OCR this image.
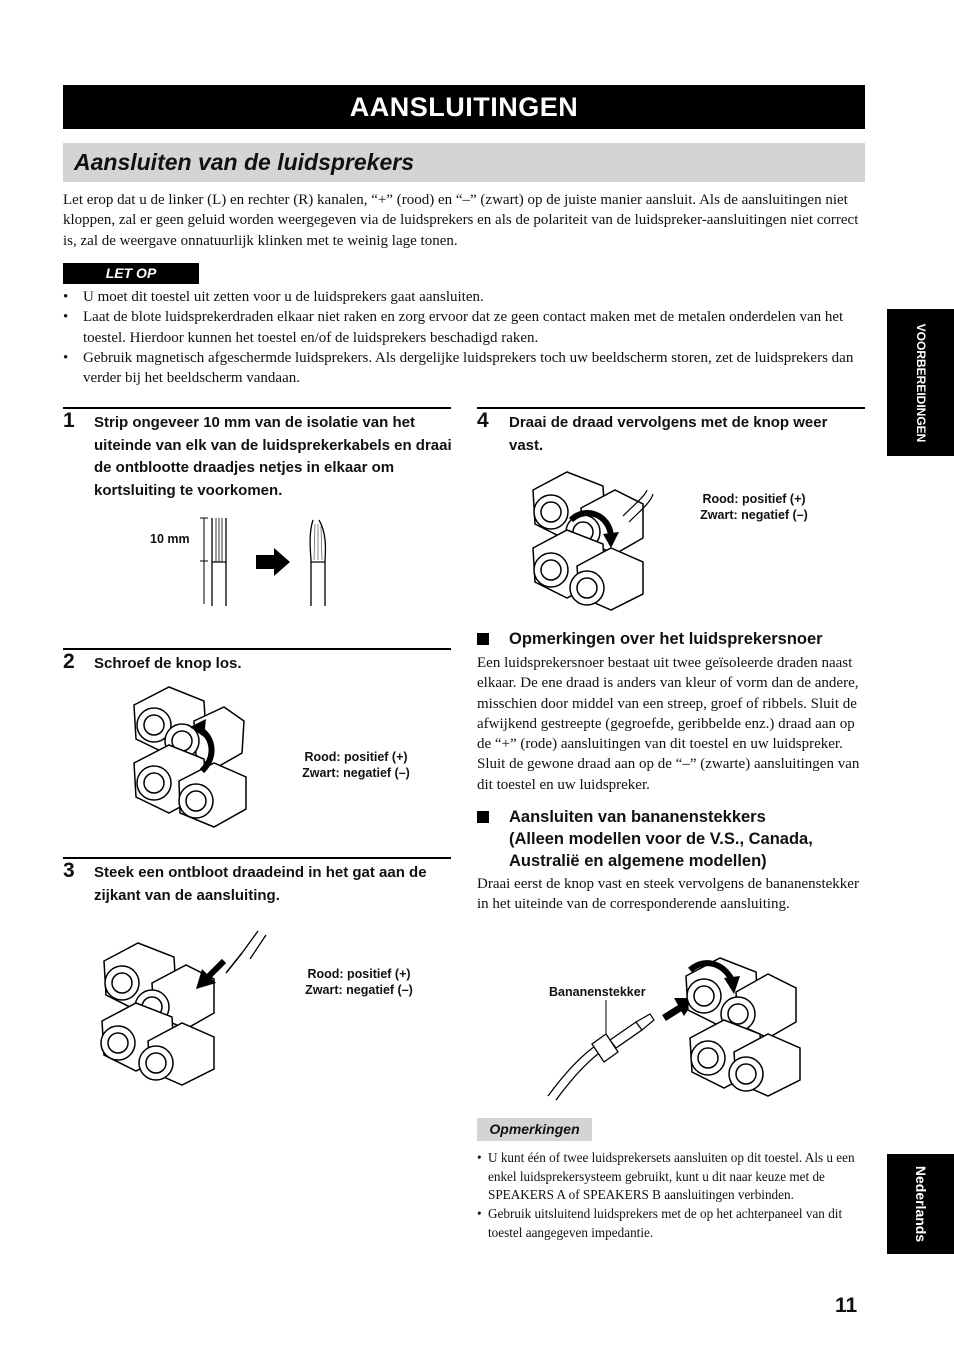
AANSLUITINGEN
Aansluiten van de luidsprekers
Let erop dat u de linker (L) en rechter (R) kanalen, “+” (rood) en “–” (zwart) op de juiste manier aansluit. Als de aansluitingen niet kloppen, zal er geen geluid worden weergegeven via de luidsprekers en als de polariteit van de luidspreker-aansluitingen niet correct is, zal de weergave onnatuurlijk klinken met te weinig lage tonen.
LET OP
• U moet dit toestel uit zetten voor u de luidsprekers gaat aansluiten.
• Laat de blote luidsprekerdraden elkaar niet raken en zorg ervoor dat ze geen contact maken met de metalen onderdelen van het toestel. Hierdoor kunnen het toestel en/of de luidsprekers beschadigd raken.
• Gebruik magnetisch afgeschermde luidsprekers. Als dergelijke luidsprekers toch uw beeldscherm storen, zet de luidsprekers dan verder bij het beeldscherm vandaan.
1 Strip ongeveer 10 mm van de isolatie van het uiteinde van elk van de luidsprekerkabels en draai de ontblootte draadjes netjes in elkaar om kortsluiting te voorkomen.
10 mm
2 Schroef de knop los.
Rood: positief (+)
Zwart: negatief (–)
3 Steek een ontbloot draadeind in het gat aan de zijkant van de aansluiting.
Rood: positief (+)
Zwart: negatief (–)
4 Draai de draad vervolgens met de knop weer vast.
Rood: positief (+)
Zwart: negatief (–)
Opmerkingen over het luidsprekersnoer
Een luidsprekersnoer bestaat uit twee geïsoleerde draden naast elkaar. De ene draad is anders van kleur of vorm dan de andere, misschien door middel van een streep, groef of ribbels. Sluit de afwijkend gestreepte (gegroefde, geribbelde enz.) draad aan op de “+” (rode) aansluitingen van dit toestel en uw luidspreker. Sluit de gewone draad aan op de “–” (zwarte) aansluitingen van dit toestel en uw luidspreker.
Aansluiten van bananenstekkers
(Alleen modellen voor de V.S., Canada,
Australië en algemene modellen)
Draai eerst de knop vast en steek vervolgens de bananenstekker in het uiteinde van de corresponderende aansluiting.
Bananenstekker
Opmerkingen
• U kunt één of twee luidsprekersets aansluiten op dit toestel. Als u een enkel luidsprekersysteem gebruikt, kunt u dit naar keuze met de SPEAKERS A of SPEAKERS B aansluitingen verbinden.
• Gebruik uitsluitend luidsprekers met de op het achterpaneel van dit toestel aangegeven impedantie.
VOORBEREIDINGEN
Nederlands
11
